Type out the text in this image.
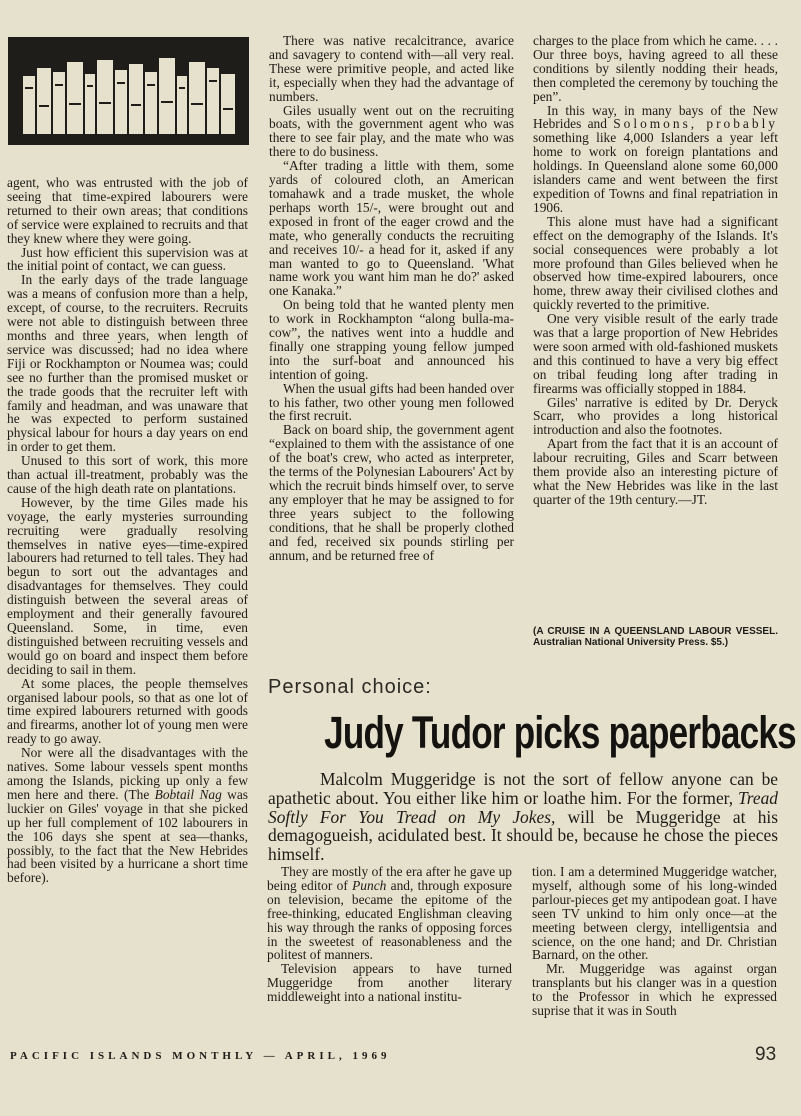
agent, who was entrusted with the job of seeing that time-expired labourers were returned to their own areas; that conditions of service were explained to recruits and that they knew where they were going.

Just how efficient this supervision was at the initial point of contact, we can guess.

In the early days of the trade language was a means of confusion more than a help, except, of course, to the recruiters. Recruits were not able to distinguish between three months and three years, when length of service was discussed; had no idea where Fiji or Rockhampton or Noumea was; could see no further than the promised musket or the trade goods that the recruiter left with family and headman, and was unaware that he was expected to perform sustained physical labour for hours a day years on end in order to get them.

Unused to this sort of work, this more than actual ill-treatment, probably was the cause of the high death rate on plantations.

However, by the time Giles made his voyage, the early mysteries surrounding recruiting were gradually resolving themselves in native eyes—time-expired labourers had returned to tell tales. They had begun to sort out the advantages and disadvantages for themselves. They could distinguish between the several areas of employment and their generally favoured Queensland. Some, in time, even distinguished between recruiting vessels and would go on board and inspect them before deciding to sail in them.

At some places, the people themselves organised labour pools, so that as one lot of time expired labourers returned with goods and firearms, another lot of young men were ready to go away.

Nor were all the disadvantages with the natives. Some labour vessels spent months among the Islands, picking up only a few men here and there. (The Bobtail Nag was luckier on Giles' voyage in that she picked up her full complement of 102 labourers in the 106 days she spent at sea—thanks, possibly, to the fact that the New Hebrides had been visited by a hurricane a short time before).

There was native recalcitrance, avarice and savagery to contend with—all very real. These were primitive people, and acted like it, especially when they had the advantage of numbers.

Giles usually went out on the recruiting boats, with the government agent who was there to see fair play, and the mate who was there to do business.

“After trading a little with them, some yards of coloured cloth, an American tomahawk and a trade musket, the whole perhaps worth 15/-, were brought out and exposed in front of the eager crowd and the mate, who generally conducts the recruiting and receives 10/- a head for it, asked if any man wanted to go to Queensland. 'What name work you want him man he do?' asked one Kanaka.”

On being told that he wanted plenty men to work in Rockhampton “along bulla-ma-cow”, the natives went into a huddle and finally one strapping young fellow jumped into the surf-boat and announced his intention of going.

When the usual gifts had been handed over to his father, two other young men followed the first recruit.

Back on board ship, the government agent “explained to them with the assistance of one of the boat's crew, who acted as interpreter, the terms of the Polynesian Labourers' Act by which the recruit binds himself over, to serve any employer that he may be assigned to for three years subject to the following conditions, that he shall be properly clothed and fed, received six pounds stirling per annum, and be returned free of

charges to the place from which he came. . . . Our three boys, having agreed to all these conditions by silently nodding their heads, then completed the ceremony by touching the pen”.

In this way, in many bays of the New Hebrides and Solomons, probably something like 4,000 Islanders a year left home to work on foreign plantations and holdings. In Queensland alone some 60,000 islanders came and went between the first expedition of Towns and final repatriation in 1906.

This alone must have had a significant effect on the demography of the Islands. It's social consequences were probably a lot more profound than Giles believed when he observed how time-expired labourers, once home, threw away their civilised clothes and quickly reverted to the primitive.

One very visible result of the early trade was that a large proportion of New Hebrides were soon armed with old-fashioned muskets and this continued to have a very big effect on tribal feuding long after trading in firearms was officially stopped in 1884.

Giles' narrative is edited by Dr. Deryck Scarr, who provides a long historical introduction and also the footnotes.

Apart from the fact that it is an account of labour recruiting, Giles and Scarr between them provide also an interesting picture of what the New Hebrides was like in the last quarter of the 19th century.—JT.

(A CRUISE IN A QUEENSLAND LABOUR VESSEL. Australian National University Press. $5.)
Personal choice:
Judy Tudor picks paperbacks
Malcolm Muggeridge is not the sort of fellow anyone can be apathetic about. You either like him or loathe him. For the former, Tread Softly For You Tread on My Jokes, will be Muggeridge at his demagogueish, acidulated best. It should be, because he chose the pieces himself.

They are mostly of the era after he gave up being editor of Punch and, through exposure on television, became the epitome of the free-thinking, educated Englishman cleaving his way through the ranks of opposing forces in the sweetest of reasonableness and the politest of manners.

Television appears to have turned Muggeridge from another literary middleweight into a national institu-

tion. I am a determined Muggeridge watcher, myself, although some of his long-winded parlour-pieces get my antipodean goat. I have seen TV unkind to him only once—at the meeting between clergy, intelligentsia and science, on the one hand; and Dr. Christian Barnard, on the other.

Mr. Muggeridge was against organ transplants but his clanger was in a question to the Professor in which he expressed suprise that it was in South

PACIFIC ISLANDS MONTHLY — APRIL, 1969	93
